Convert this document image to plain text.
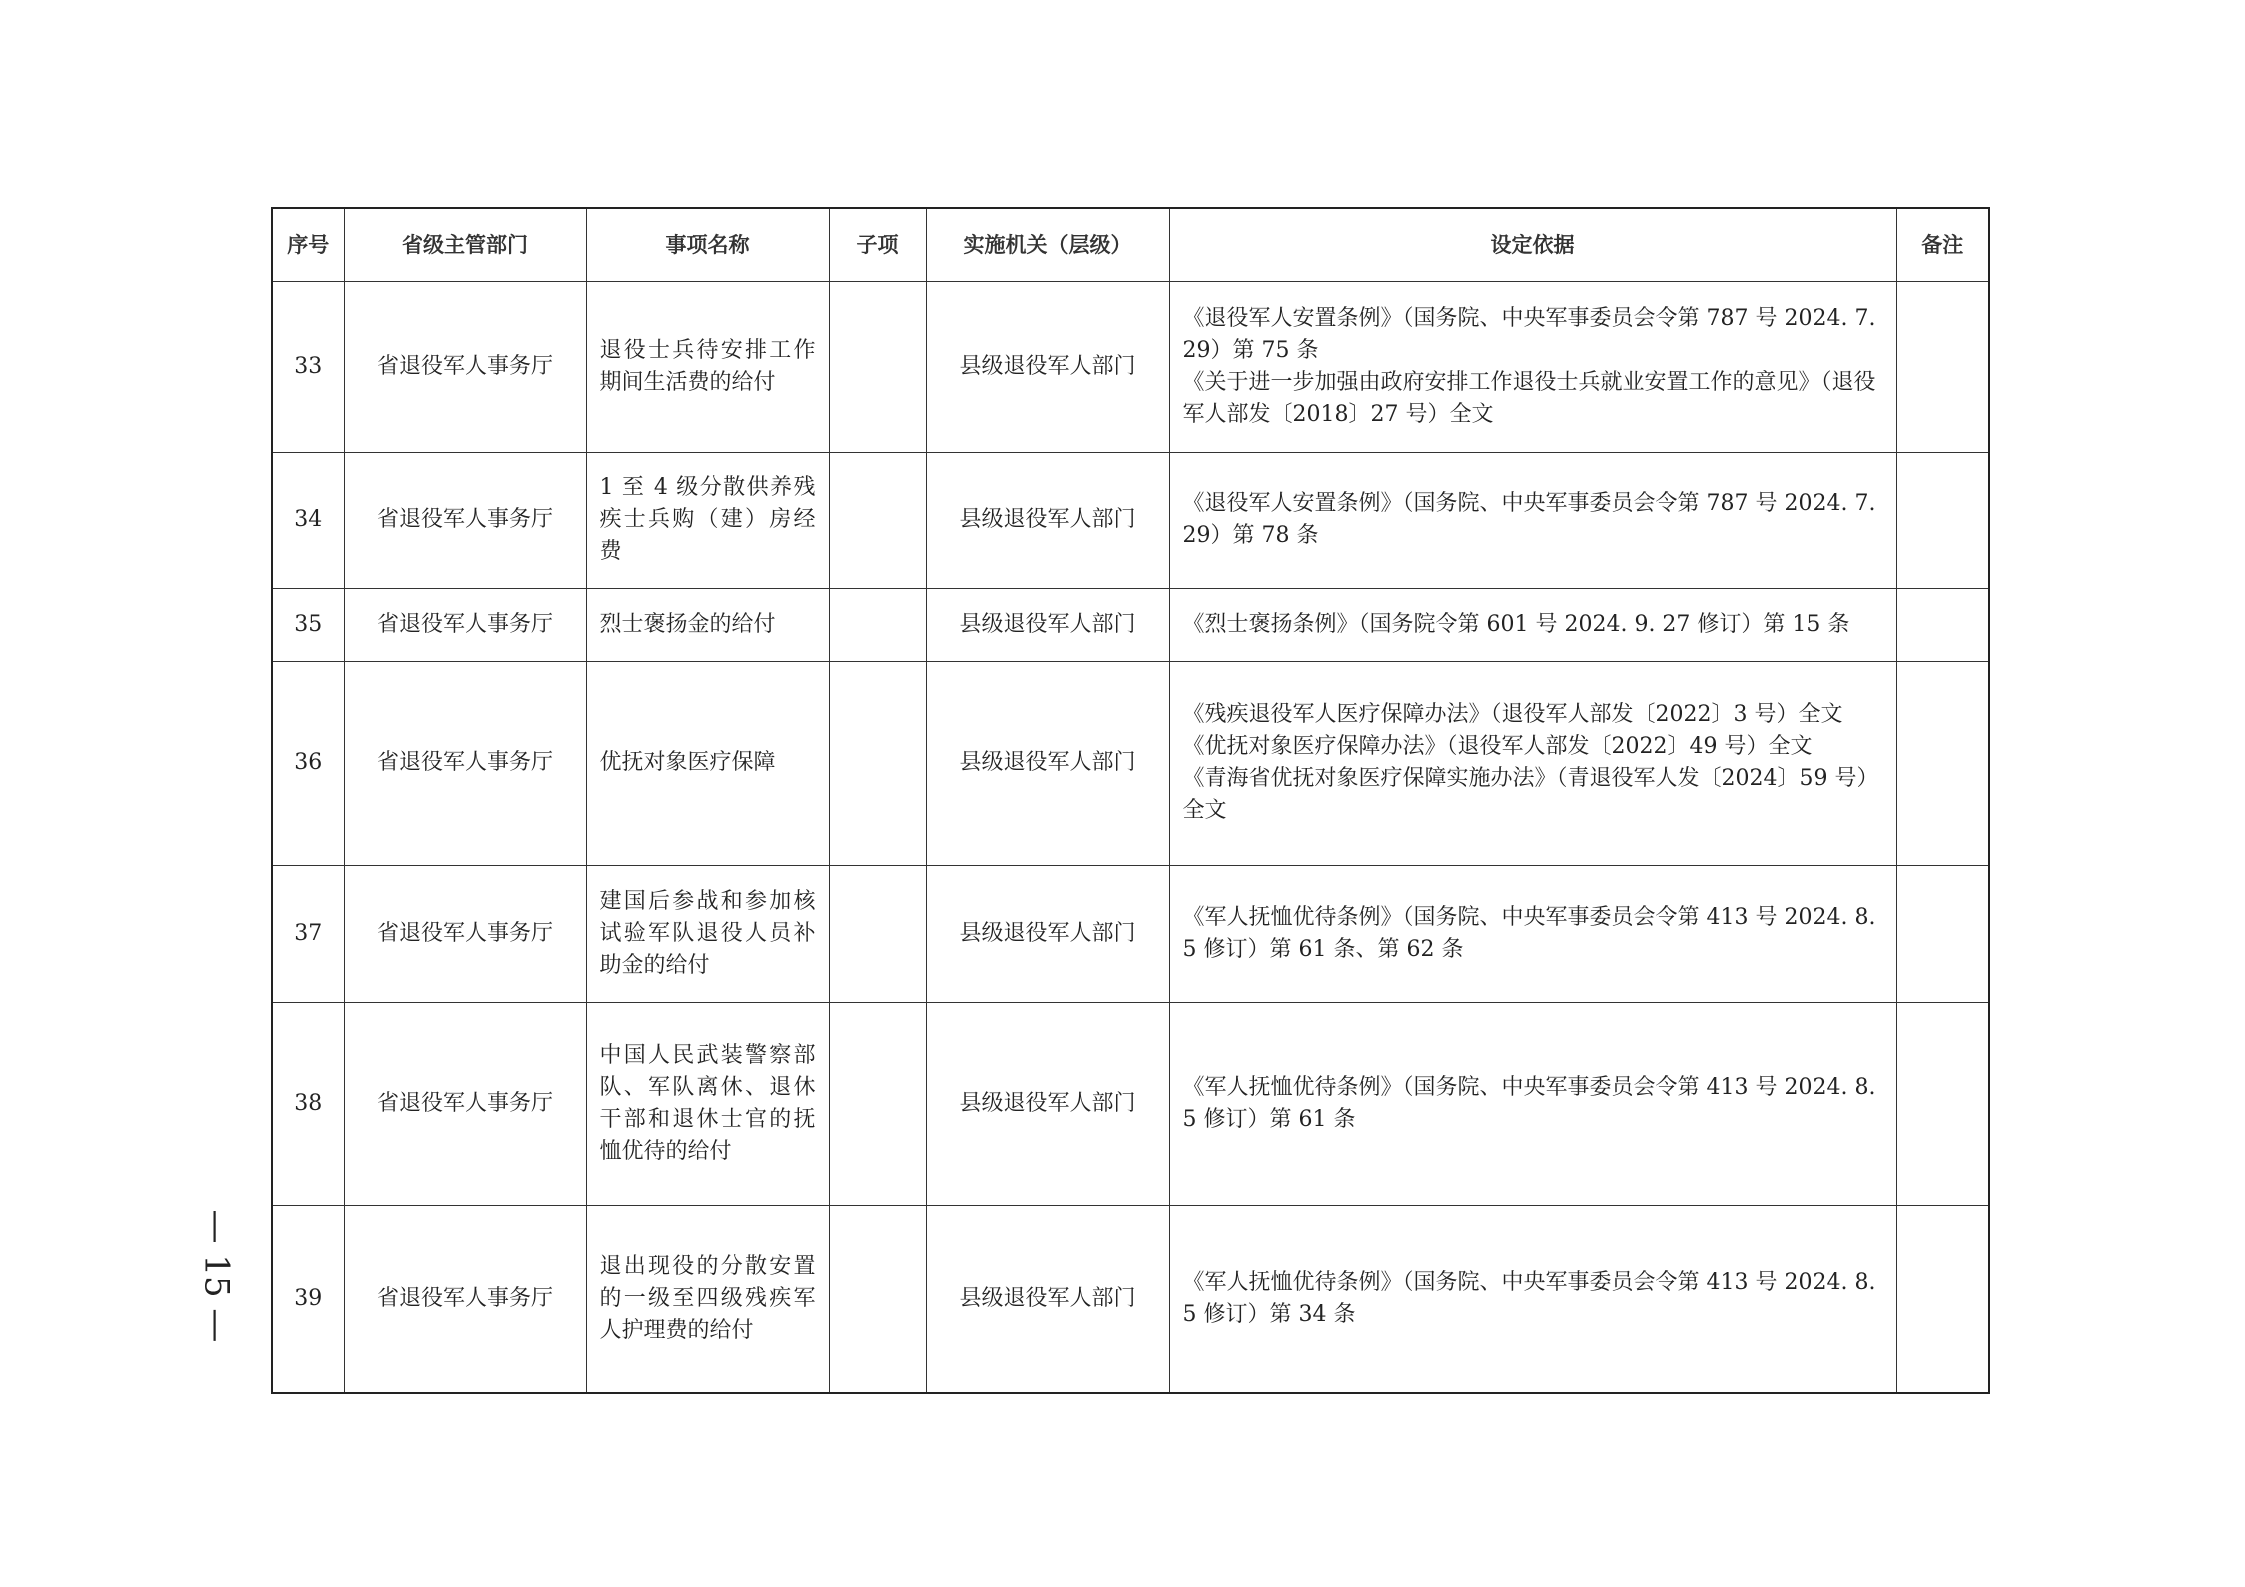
序号	省级主管部门	事项名称	子项	实施机关（层级）	设定依据	备注
33	省退役军人事务厅	退役士兵待安排工作期间生活费的给付		县级退役军人部门	《退役军人安置条例》（国务院、中央军事委员会令第 787 号 2024. 7. 29）第 75 条
《关于进一步加强由政府安排工作退役士兵就业安置工作的意见》（退役军人部发〔2018〕27 号）全文	

34	省退役军人事务厅	1 至 4 级分散供养残疾士兵购（建）房经费		县级退役军人部门	《退役军人安置条例》（国务院、中央军事委员会令第 787 号 2024. 7. 29）第 78 条	

35	省退役军人事务厅	烈士褒扬金的给付		县级退役军人部门	《烈士褒扬条例》（国务院令第 601 号 2024. 9. 27 修订）第 15 条	

36	省退役军人事务厅	优抚对象医疗保障		县级退役军人部门	《残疾退役军人医疗保障办法》（退役军人部发〔2022〕3 号）全文
《优抚对象医疗保障办法》（退役军人部发〔2022〕49 号）全文
《青海省优抚对象医疗保障实施办法》（青退役军人发〔2024〕59 号）全文	

37	省退役军人事务厅	建国后参战和参加核试验军队退役人员补助金的给付		县级退役军人部门	《军人抚恤优待条例》（国务院、中央军事委员会令第 413 号 2024. 8. 5 修订）第 61 条、第 62 条	

38	省退役军人事务厅	中国人民武装警察部队、军队离休、退休干部和退休士官的抚恤优待的给付		县级退役军人部门	《军人抚恤优待条例》（国务院、中央军事委员会令第 413 号 2024. 8. 5 修订）第 61 条	

39	省退役军人事务厅	退出现役的分散安置的一级至四级残疾军人护理费的给付		县级退役军人部门	《军人抚恤优待条例》（国务院、中央军事委员会令第 413 号 2024. 8. 5 修订）第 34 条	

— 15 —
